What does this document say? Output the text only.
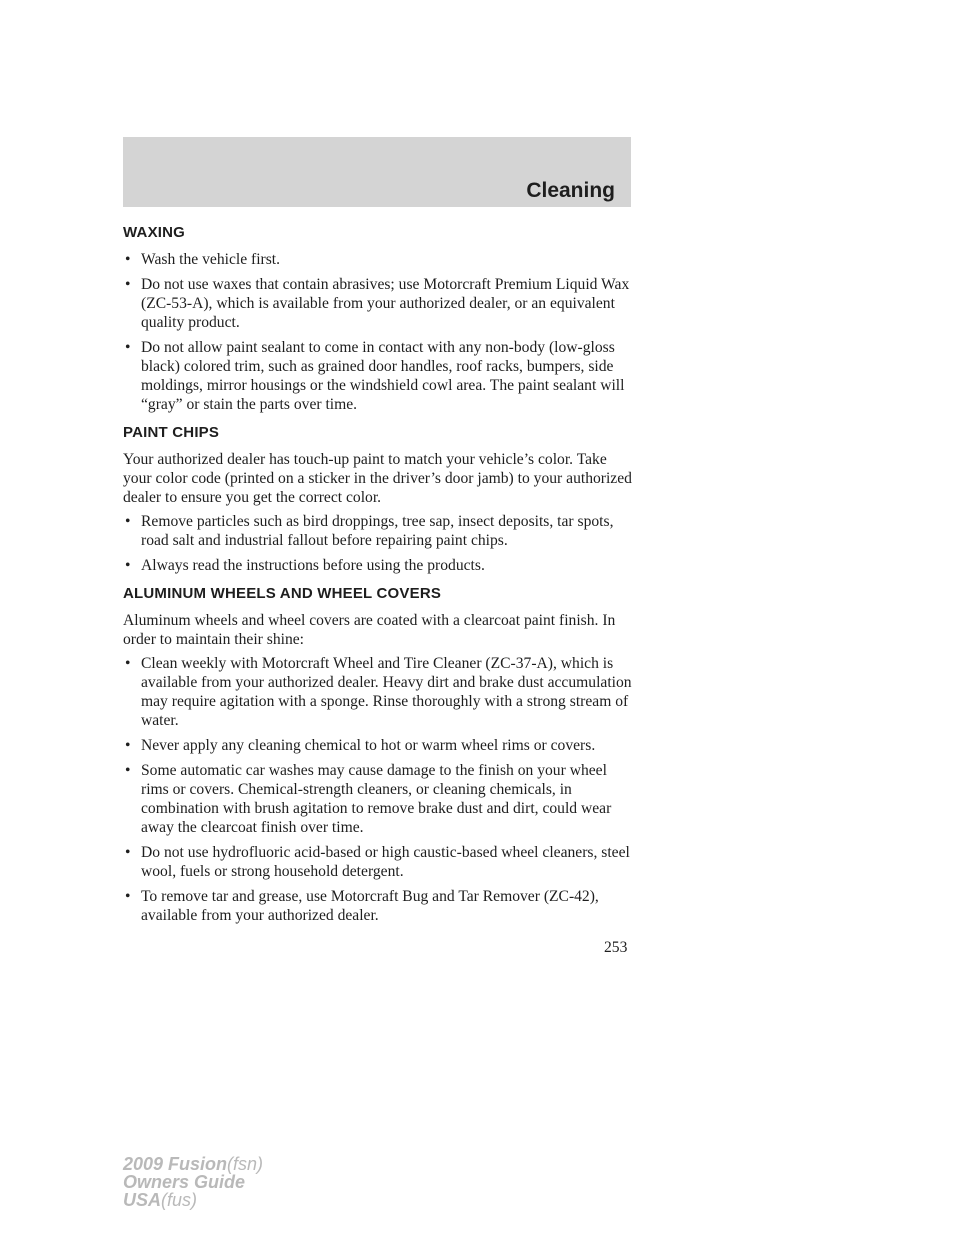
Cleaning
WAXING
• Wash the vehicle first.
• Do not use waxes that contain abrasives; use Motorcraft Premium Liquid Wax (ZC-53-A), which is available from your authorized dealer, or an equivalent quality product.
• Do not allow paint sealant to come in contact with any non-body (low-gloss black) colored trim, such as grained door handles, roof racks, bumpers, side moldings, mirror housings or the windshield cowl area. The paint sealant will “gray” or stain the parts over time.
PAINT CHIPS

Your authorized dealer has touch-up paint to match your vehicle’s color. Take your color code (printed on a sticker in the driver’s door jamb) to your authorized dealer to ensure you get the correct color.

• Remove particles such as bird droppings, tree sap, insect deposits, tar spots, road salt and industrial fallout before repairing paint chips.
• Always read the instructions before using the products.
ALUMINUM WHEELS AND WHEEL COVERS

Aluminum wheels and wheel covers are coated with a clearcoat paint finish. In order to maintain their shine:

• Clean weekly with Motorcraft Wheel and Tire Cleaner (ZC-37-A), which is available from your authorized dealer. Heavy dirt and brake dust accumulation may require agitation with a sponge. Rinse thoroughly with a strong stream of water.
• Never apply any cleaning chemical to hot or warm wheel rims or covers.
• Some automatic car washes may cause damage to the finish on your wheel rims or covers. Chemical-strength cleaners, or cleaning chemicals, in combination with brush agitation to remove brake dust and dirt, could wear away the clearcoat finish over time.
• Do not use hydrofluoric acid-based or high caustic-based wheel cleaners, steel wool, fuels or strong household detergent.
• To remove tar and grease, use Motorcraft Bug and Tar Remover (ZC-42), available from your authorized dealer.
253
2009 Fusion(fsn)
Owners Guide
USA(fus)
